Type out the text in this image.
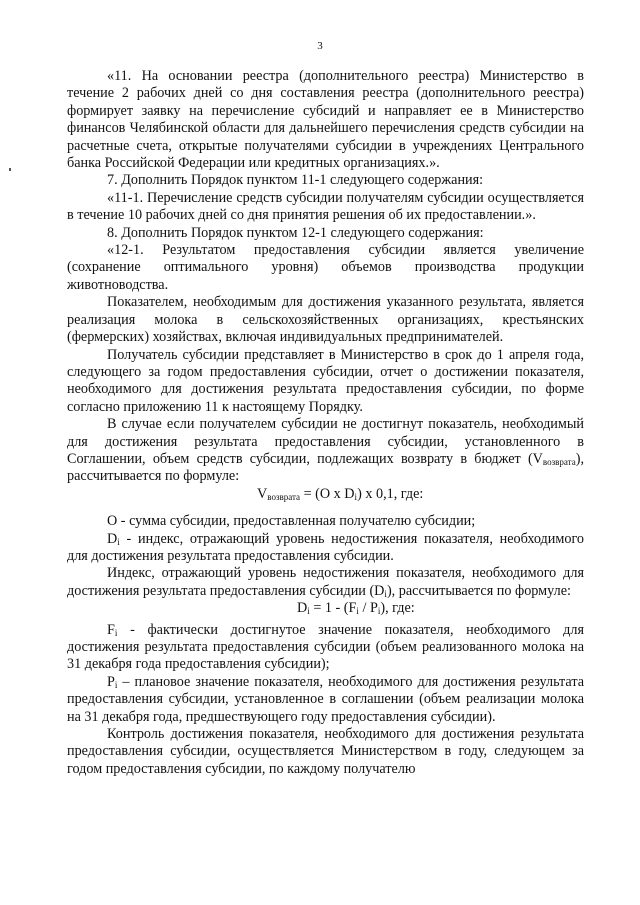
3

«11. На основании реестра (дополнительного реестра) Министерство в течение 2 рабочих дней со дня составления реестра (дополнительного реестра) формирует заявку на перечисление субсидий и направляет ее в Министерство финансов Челябинской области для дальнейшего перечисления средств субсидии на расчетные счета, открытые получателями субсидии в учреждениях Центрального банка Российской Федерации или кредитных организациях.».

7. Дополнить Порядок пунктом 11-1 следующего содержания:

«11-1. Перечисление средств субсидии получателям субсидии осуществляется в течение 10 рабочих дней со дня принятия решения об их предоставлении.».

8. Дополнить Порядок пунктом 12-1 следующего содержания:

«12-1. Результатом предоставления субсидии является увеличение (сохранение оптимального уровня) объемов производства продукции животноводства.

Показателем, необходимым для достижения указанного результата, является реализация молока в сельскохозяйственных организациях, крестьянских (фермерских) хозяйствах, включая индивидуальных предпринимателей.

Получатель субсидии представляет в Министерство в срок до 1 апреля года, следующего за годом предоставления субсидии, отчет о достижении показателя, необходимого для достижения результата предоставления субсидии, по форме согласно приложению 11 к настоящему Порядку.

В случае если получателем субсидии не достигнут показатель, необходимый для достижения результата предоставления субсидии, установленного в Соглашении, объем средств субсидии, подлежащих возврату в бюджет $(V_{возврата})$, рассчитывается по формуле:

$V_{возврата} = (O$ x $D_i$) x 0,1, где:

O - сумма субсидии, предоставленная получателю субсидии;

$D_i$ - индекс, отражающий уровень недостижения показателя, необходимого для достижения результата предоставления субсидии.

Индекс, отражающий уровень недостижения показателя, необходимого для достижения результата предоставления субсидии $(D_i)$, рассчитывается по формуле:

$D_i = 1 - (F_i / P_i)$, где:

$F_i$ - фактически достигнутое значение показателя, необходимого для достижения результата предоставления субсидии (объем реализованного молока на 31 декабря года предоставления субсидии);

$P_i$ – плановое значение показателя, необходимого для достижения результата предоставления субсидии, установленное в соглашении (объем реализации молока на 31 декабря года, предшествующего году предоставления субсидии).

Контроль достижения показателя, необходимого для достижения результата предоставления субсидии, осуществляется Министерством в году, следующем за годом предоставления субсидии, по каждому получателю
